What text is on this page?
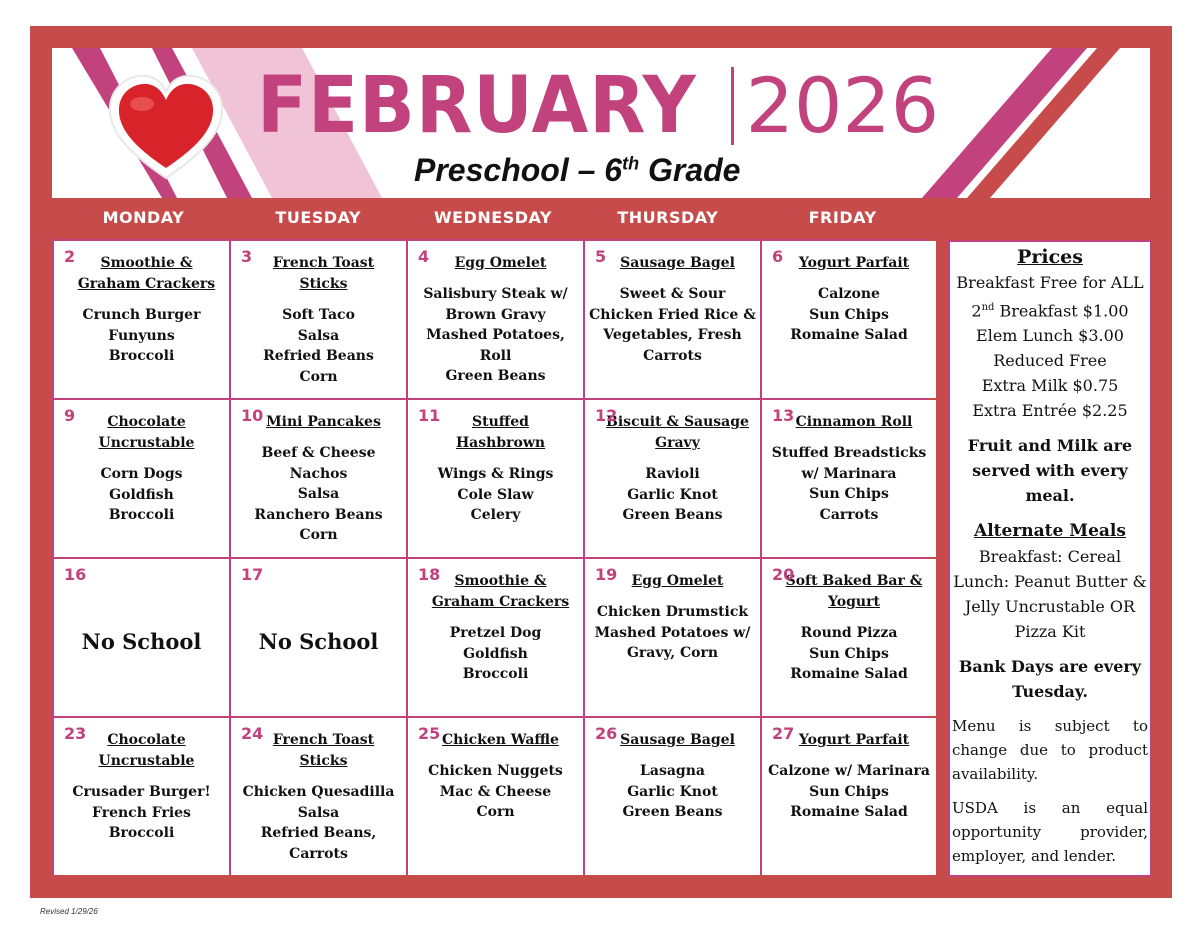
FEBRUARY 2026
Preschool – 6th Grade
MONDAY	TUESDAY	WEDNESDAY	THURSDAY	FRIDAY
2	Smoothie & Graham Crackers
Crunch Burger
Funyuns
Broccoli
3	French Toast Sticks
Soft Taco
Salsa
Refried Beans
Corn
4	Egg Omelet
Salisbury Steak w/ Brown Gravy
Mashed Potatoes, Roll
Green Beans
5 Sausage Bagel
Sweet & Sour Chicken Fried Rice & Vegetables, Fresh Carrots
6	Yogurt Parfait
Calzone
Sun Chips
Romaine Salad
9	Chocolate Uncrustable
Corn Dogs
Goldfish
Broccoli
10 Mini Pancakes
Beef & Cheese
Nachos
Salsa
Ranchero Beans
Corn
11	Stuffed Hashbrown
Wings & Rings
Cole Slaw
Celery
12
Biscuit & Sausage Gravy
Ravioli
Garlic Knot
Green Beans
13 Cinnamon Roll
Stuffed Breadsticks w/ Marinara
Sun Chips
Carrots
16
No School
17
No School
18	Smoothie & Graham Crackers
Pretzel Dog
Goldfish
Broccoli
19	Egg Omelet
Chicken Drumstick
Mashed Potatoes w/ Gravy, Corn
20
Soft Baked Bar & Yogurt
Round Pizza
Sun Chips
Romaine Salad
23	Chocolate Uncrustable
Crusader Burger!
French Fries
Broccoli
24 French Toast Sticks
Chicken Quesadilla
Salsa
Refried Beans, Carrots
25 Chicken Waffle
Chicken Nuggets
Mac & Cheese
Corn
26 Sausage Bagel
Lasagna
Garlic Knot
Green Beans
27 Yogurt Parfait
Calzone w/ Marinara
Sun Chips
Romaine Salad
Prices
Breakfast Free for ALL
2nd Breakfast $1.00
Elem Lunch $3.00
Reduced Free
Extra Milk $0.75
Extra Entrée $2.25
Fruit and Milk are served with every meal.
Alternate Meals
Breakfast: Cereal
Lunch: Peanut Butter & Jelly Uncrustable OR Pizza Kit
Bank Days are every Tuesday.
Menu is subject to change due to product availability.
USDA is an equal opportunity provider, employer, and lender.
Revised 1/29/26
